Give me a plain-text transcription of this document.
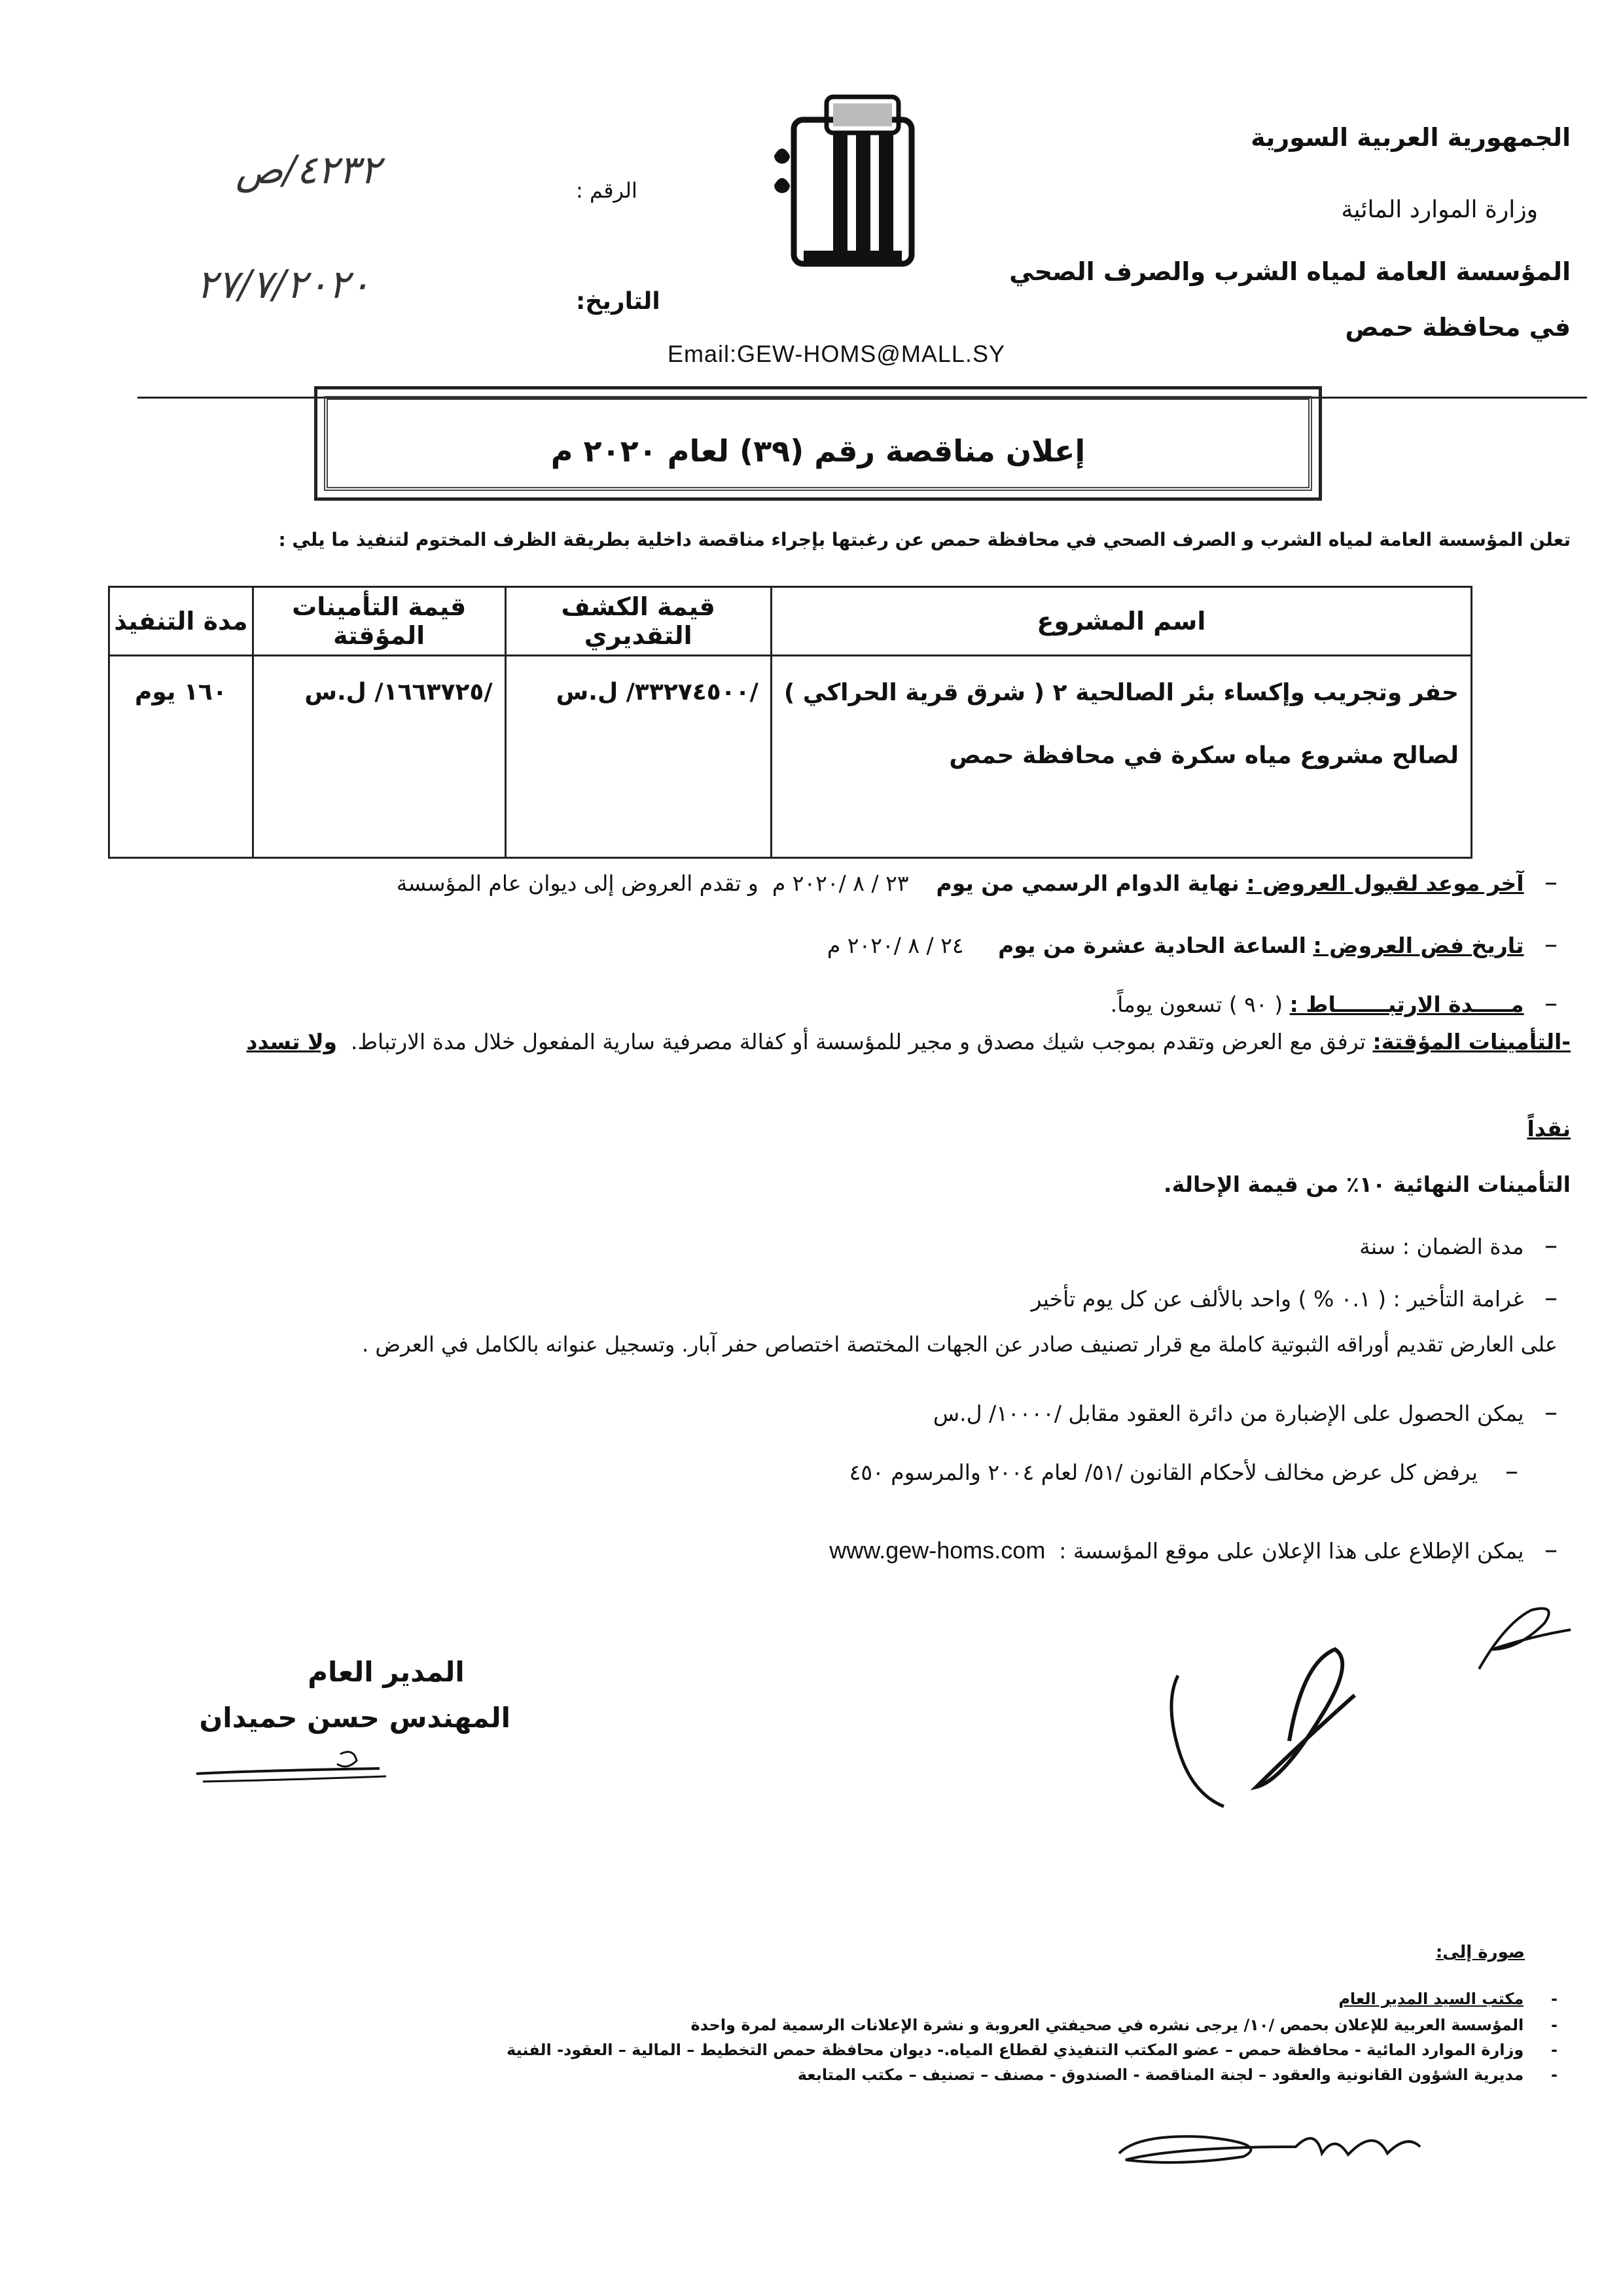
الجمهورية العربية السورية
وزارة الموارد المائية
المؤسسة العامة لمياه الشرب والصرف الصحي
في محافظة حمص
الرقم :
٤٢٣٢/ص
التاريخ:
٢٧/٧/٢٠٢٠
Email:GEW-HOMS@MALL.SY
إعلان مناقصة رقم (٣٩) لعام ٢٠٢٠ م
تعلن المؤسسة العامة لمياه الشرب و الصرف الصحي في محافظة حمص عن رغبتها بإجراء مناقصة داخلية بطريقة الظرف المختوم لتنفيذ ما يلي :
اسم المشروع	قيمة الكشف التقديري	قيمة التأمينات المؤقتة	مدة التنفيذ

حفر وتجريب وإكساء بئر الصالحية ٢ ( شرق قرية الحراكي )
لصالح مشروع مياه سكرة في محافظة حمص	/٣٣٢٧٤٥٠٠/ ل.س	/١٦٦٣٧٢٥/ ل.س	١٦٠ يوم
–   آخر موعد لقبول العروض : نهاية الدوام الرسمي من يوم    ٢٣ / ٨ /٢٠٢٠ م  و تقدم العروض إلى ديوان عام المؤسسة
–   تاريخ فض العروض : الساعة الحادية عشرة من يوم     ٢٤ / ٨ /٢٠٢٠ م
–   مـــــدة الارتبـــــــاط : ( ٩٠ ) تسعون يوماً.
-التأمينات المؤقتة: ترفق مع العرض وتقدم بموجب شيك مصدق و مجير للمؤسسة أو كفالة مصرفية سارية المفعول خلال مدة الارتباط.  ولا تسدد
نقداً
التأمينات النهائية ١٠٪ من قيمة الإحالة.
–   مدة الضمان : سنة
–   غرامة التأخير : ( ٠.١ % ) واحد بالألف عن كل يوم تأخير
على العارض تقديم أوراقه الثبوتية كاملة مع قرار تصنيف صادر عن الجهات المختصة اختصاص حفر آبار. وتسجيل عنوانه بالكامل في العرض .
–   يمكن الحصول على الإضبارة من دائرة العقود مقابل /١٠٠٠٠/ ل.س
–    يرفض كل عرض مخالف لأحكام القانون /٥١/ لعام ٢٠٠٤ والمرسوم ٤٥٠
–   يمكن الإطلاع على هذا الإعلان على موقع المؤسسة :  www.gew-homs.com
المدير العام
المهندس حسن حميدان
صورة إلى:
-     مكتب السيد المدير العام
-     المؤسسة العربية للإعلان بحمص /١٠/ يرجى نشره في صحيفتي العروبة و نشرة الإعلانات الرسمية لمرة واحدة
-     وزارة الموارد المائية - محافظة حمص – عضو المكتب التنفيذي لقطاع المياه.- ديوان محافظة حمص التخطيط – المالية – العقود- الفنية
-     مديرية الشؤون القانونية والعقود – لجنة المناقصة - الصندوق - مصنف – تصنيف – مكتب المتابعة
